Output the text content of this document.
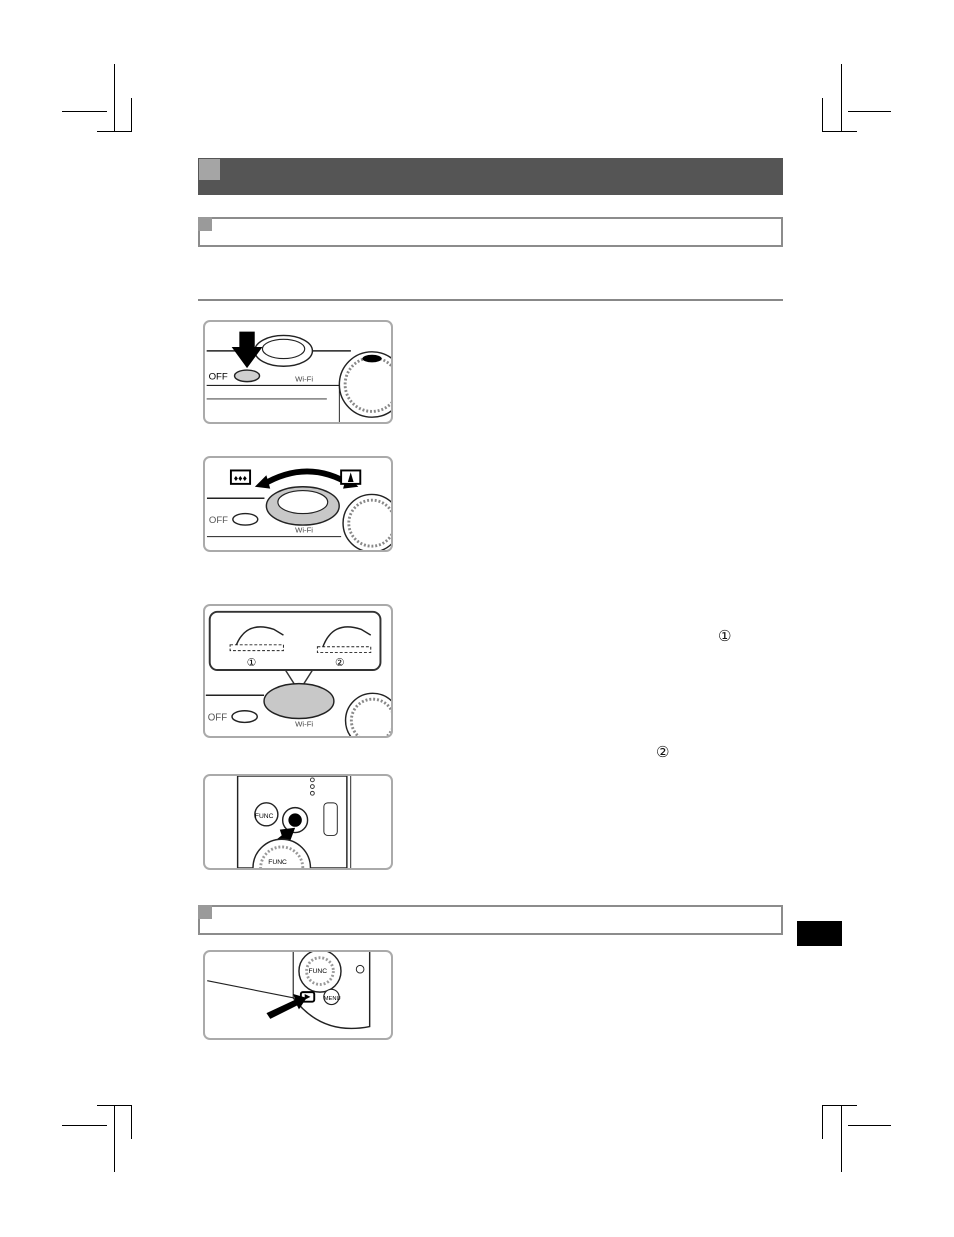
OFF	Wi-Fi
♦♦♦
OFF
Wi-Fi
①	②
OFF
Wi-Fi
FUNC
FUNC
FUNC
MENU
①
②
